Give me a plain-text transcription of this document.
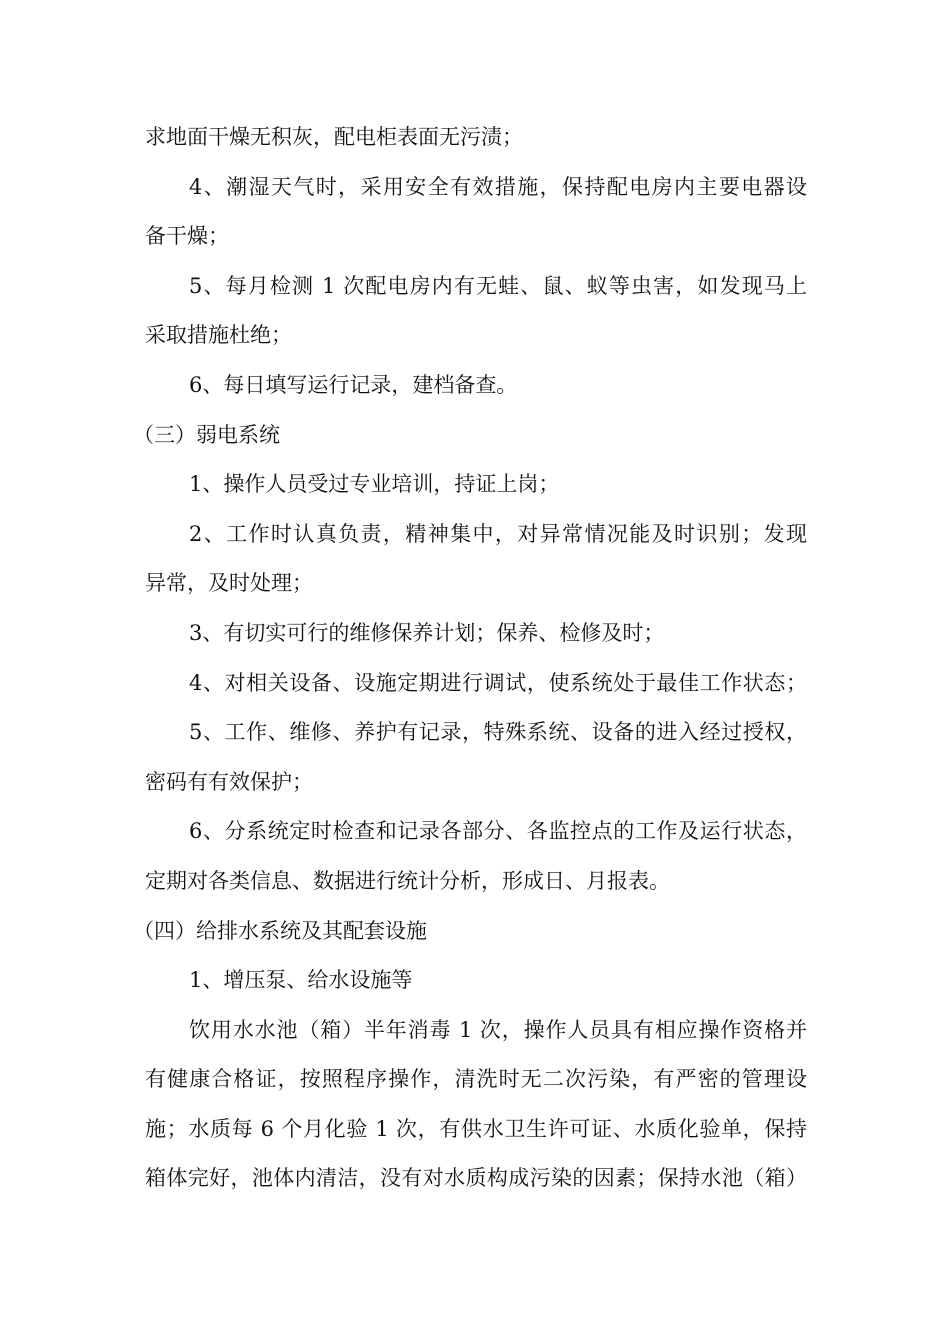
求地面干燥无积灰，配电柜表面无污渍；
4、潮湿天气时，采用安全有效措施，保持配电房内主要电器设
备干燥；
5、每月检测 1 次配电房内有无蛙、鼠、蚁等虫害，如发现马上
采取措施杜绝；
6、每日填写运行记录，建档备查。
（三）弱电系统
1、操作人员受过专业培训，持证上岗；
2、工作时认真负责，精神集中，对异常情况能及时识别；发现
异常，及时处理；
3、有切实可行的维修保养计划；保养、检修及时；
4、对相关设备、设施定期进行调试，使系统处于最佳工作状态；
5、工作、维修、养护有记录，特殊系统、设备的进入经过授权，
密码有有效保护；
6、分系统定时检查和记录各部分、各监控点的工作及运行状态，
定期对各类信息、数据进行统计分析，形成日、月报表。
（四）给排水系统及其配套设施
1、增压泵、给水设施等
饮用水水池（箱）半年消毒 1 次，操作人员具有相应操作资格并
有健康合格证，按照程序操作，清洗时无二次污染，有严密的管理设
施；水质每 6 个月化验 1 次，有供水卫生许可证、水质化验单，保持
箱体完好，池体内清洁，没有对水质构成污染的因素；保持水池（箱）
